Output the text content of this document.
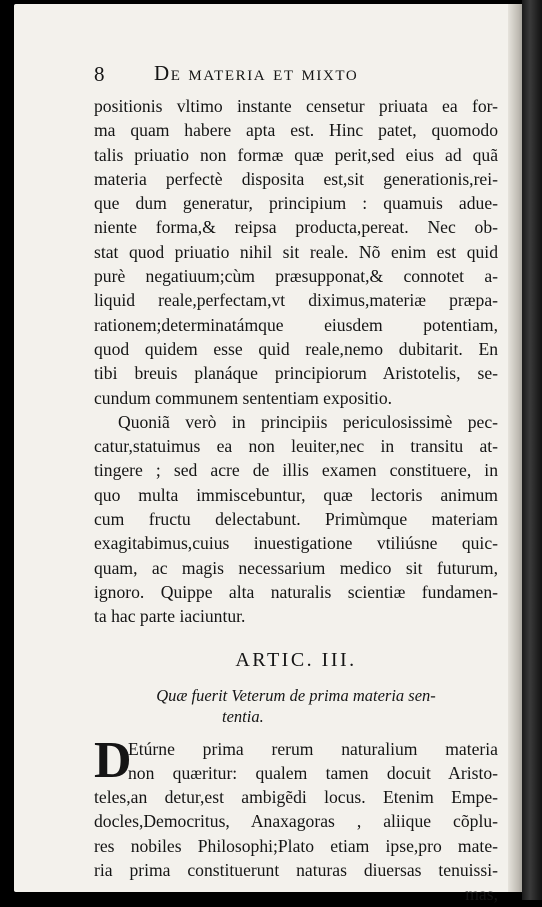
8 De materia et mixto
positionis vltimo instante censetur priuata ea for-
ma quam habere apta est. Hinc patet, quomodo
talis priuatio non formæ quæ perit,sed eius ad quã
materia perfectè disposita est,sit generationis,rei-
que dum generatur, principium : quamuis adue-
niente forma,& reipsa producta,pereat. Nec ob-
stat quod priuatio nihil sit reale. Nõ enim est quid
purè negatiuum;cùm præsupponat,& connotet a-
liquid reale,perfectam,vt diximus,materiæ præpa-
rationem;determinatámque eiusdem potentiam,
quod quidem esse quid reale,nemo dubitarit. En
tibi breuis planáque principiorum Aristotelis, se-
cundum communem sententiam expositio.
Quoniã verò in principiis periculosissimè pec-
catur,statuimus ea non leuiter,nec in transitu at-
tingere ; sed acre de illis examen constituere, in
quo multa immiscebuntur, quæ lectoris animum
cum fructu delectabunt. Primùmque materiam
exagitabimus,cuius inuestigatione vtiliúsne quic-
quam, ac magis necessarium medico sit futurum,
ignoro. Quippe alta naturalis scientiæ fundamen-
ta hac parte iaciuntur.
ARTIC. III.
Quæ fuerit Veterum de prima materia sen-
tentia.
D
Etúrne prima rerum naturalium materia
non quæritur: qualem tamen docuit Aristo-
teles,an detur,est ambigẽdi locus. Etenim Empe-
docles,Democritus, Anaxagoras , aliique cõplu-
res nobiles Philosophi;Plato etiam ipse,pro mate-
ria prima constituerunt naturas diuersas tenuissi-
mas,
